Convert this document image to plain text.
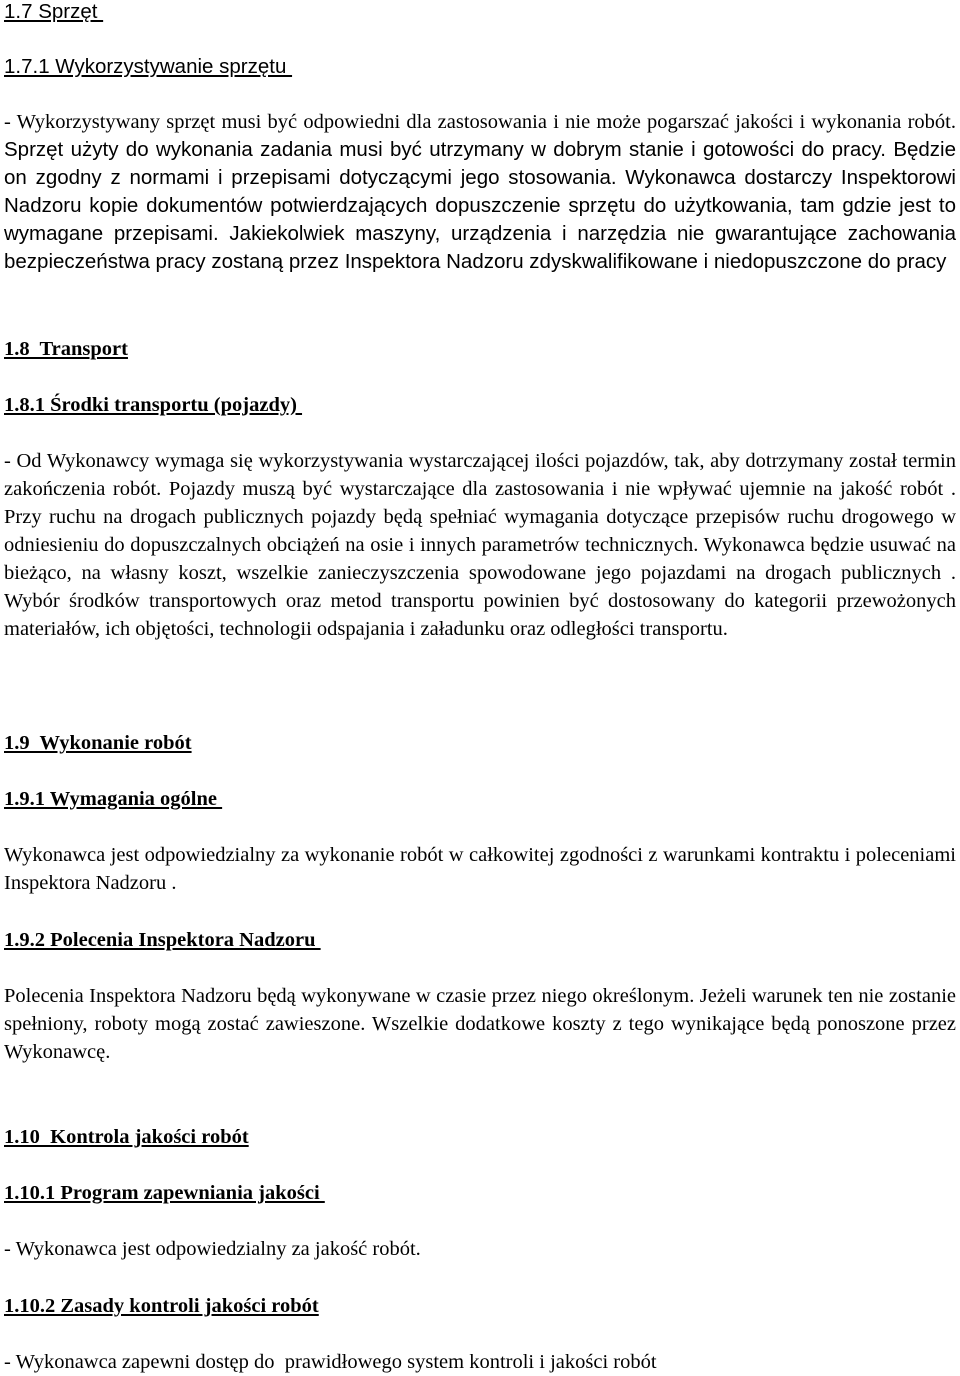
1.7 Sprzęt
1.7.1 Wykorzystywanie sprzętu
- Wykorzystywany sprzęt musi być odpowiedni dla zastosowania i nie może pogarszać jakości i wykonania robót. Sprzęt użyty do wykonania zadania musi być utrzymany w dobrym stanie i gotowości do pracy. Będzie on zgodny z normami i przepisami dotyczącymi jego stosowania. Wykonawca dostarczy Inspektorowi Nadzoru kopie dokumentów potwierdzających dopuszczenie sprzętu do użytkowania, tam gdzie jest to wymagane przepisami. Jakiekolwiek maszyny, urządzenia i narzędzia nie gwarantujące zachowania bezpieczeństwa pracy zostaną przez Inspektora Nadzoru zdyskwalifikowane i niedopuszczone do pracy
1.8  Transport
1.8.1 Środki transportu (pojazdy)
- Od Wykonawcy wymaga się wykorzystywania wystarczającej ilości pojazdów, tak, aby dotrzymany został termin zakończenia robót. Pojazdy muszą być wystarczające dla zastosowania i nie wpływać ujemnie na jakość robót . Przy ruchu na drogach publicznych pojazdy będą spełniać wymagania dotyczące przepisów ruchu drogowego w odniesieniu do dopuszczalnych obciążeń na osie i innych parametrów technicznych. Wykonawca będzie usuwać na bieżąco, na własny koszt, wszelkie zanieczyszczenia spowodowane jego pojazdami na drogach publicznych . Wybór środków transportowych oraz metod transportu powinien być dostosowany do kategorii przewożonych materiałów, ich objętości, technologii odspajania i załadunku oraz odległości transportu.
1.9  Wykonanie robót
1.9.1 Wymagania ogólne
Wykonawca jest odpowiedzialny za wykonanie robót w całkowitej zgodności z warunkami kontraktu i poleceniami Inspektora Nadzoru .
1.9.2 Polecenia Inspektora Nadzoru
Polecenia Inspektora Nadzoru będą wykonywane w czasie przez niego określonym. Jeżeli warunek ten nie zostanie spełniony, roboty mogą zostać zawieszone. Wszelkie dodatkowe koszty z tego wynikające będą ponoszone przez Wykonawcę.
1.10  Kontrola jakości robót
1.10.1 Program zapewniania jakości
- Wykonawca jest odpowiedzialny za jakość robót.
1.10.2 Zasady kontroli jakości robót
- Wykonawca zapewni dostęp do  prawidłowego system kontroli i jakości robót
